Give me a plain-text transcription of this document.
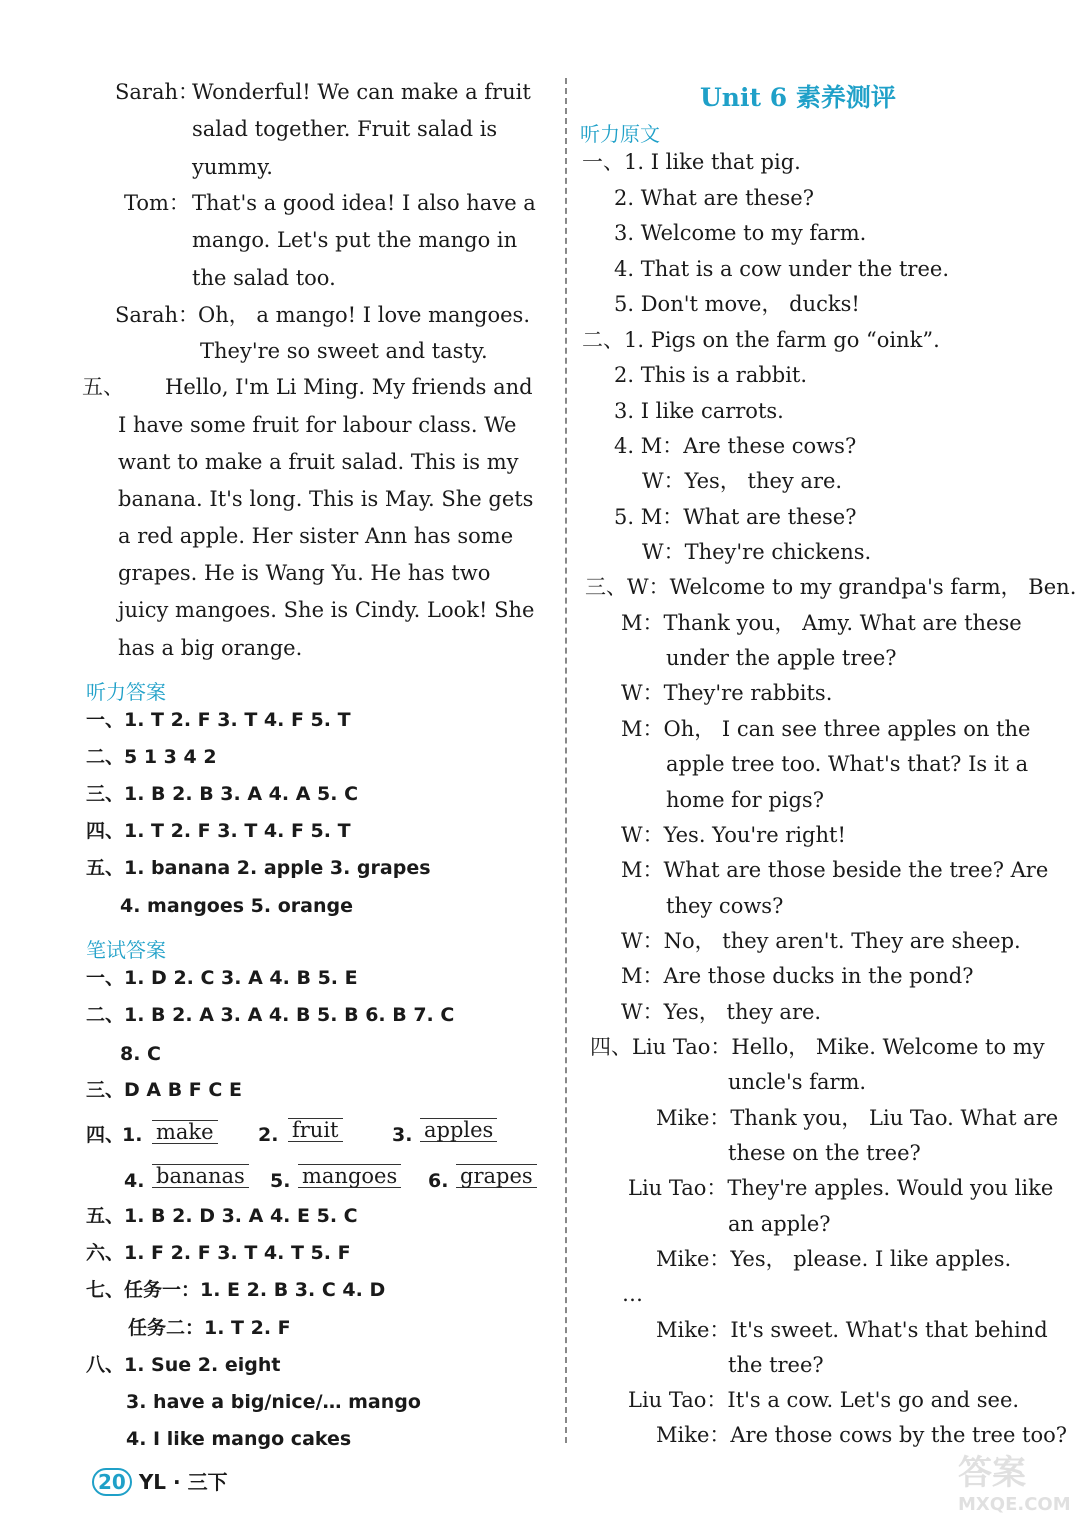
Sarah：
Wonderful! We can make a fruit
salad together. Fruit salad is
yummy.
Tom： That's a good idea! I also have a
mango. Let's put the mango in
the salad too.
Sarah： Oh， a mango! I love mangoes.
They're so sweet and tasty.
五、 Hello, I'm Li Ming. My friends and
I have some fruit for labour class. We
want to make a fruit salad. This is my
banana. It's long. This is May. She gets
a red apple. Her sister Ann has some
grapes. He is Wang Yu. He has two
juicy mangoes. She is Cindy. Look! She
has a big orange.
听力答案
一、1. T 2. F 3. T 4. F 5. T
二、5 1 3 4 2
三、1. B 2. B 3. A 4. A 5. C
四、1. T 2. F 3. T 4. F 5. T
五、1. banana 2. apple 3. grapes
4. mangoes 5. orange
笔试答案
一、1. D 2. C 3. A 4. B 5. E
二、1. B 2. A 3. A 4. B 5. B 6. B 7. C
8. C
三、D A B F C E
四、
1. make	2. fruit	3. apples
4. bananas	5. mangoes	6. grapes
五、1. B 2. D 3. A 4. E 5. C
六、1. F 2. F 3. T 4. T 5. F
七、任务一：1. E 2. B 3. C 4. D
任务二：1. T 2. F
八、1. Sue 2. eight
3. have a big/nice/… mango
4. I like mango cakes
Unit 6 素养测评
听力原文
一、1. I like that pig.
2. What are these?
3. Welcome to my farm.
4. That is a cow under the tree.
5. Don't move， ducks!
二、1. Pigs on the farm go “oink”.
2. This is a rabbit.
3. I like carrots.
4. M：Are these cows?
W：Yes， they are.
5. M：What are these?
W：They're chickens.
三、W：Welcome to my grandpa's farm， Ben.
M：Thank you， Amy. What are these
under the apple tree?
W：They're rabbits.
M：Oh， I can see three apples on the
apple tree too. What's that? Is it a
home for pigs?
W：Yes. You're right!
M：What are those beside the tree? Are
they cows?
W：No， they aren't. They are sheep.
M：Are those ducks in the pond?
W：Yes， they are.
四、Liu Tao：Hello， Mike. Welcome to my
uncle's farm.
Mike：Thank you， Liu Tao. What are
these on the tree?
Liu Tao：They're apples. Would you like
an apple?
Mike：Yes， please. I like apples.
…
Mike：It's sweet. What's that behind
the tree?
Liu Tao：It's a cow. Let's go and see.
Mike：Are those cows by the tree too?
20 YL · 三下	答案
MXQE.COM
